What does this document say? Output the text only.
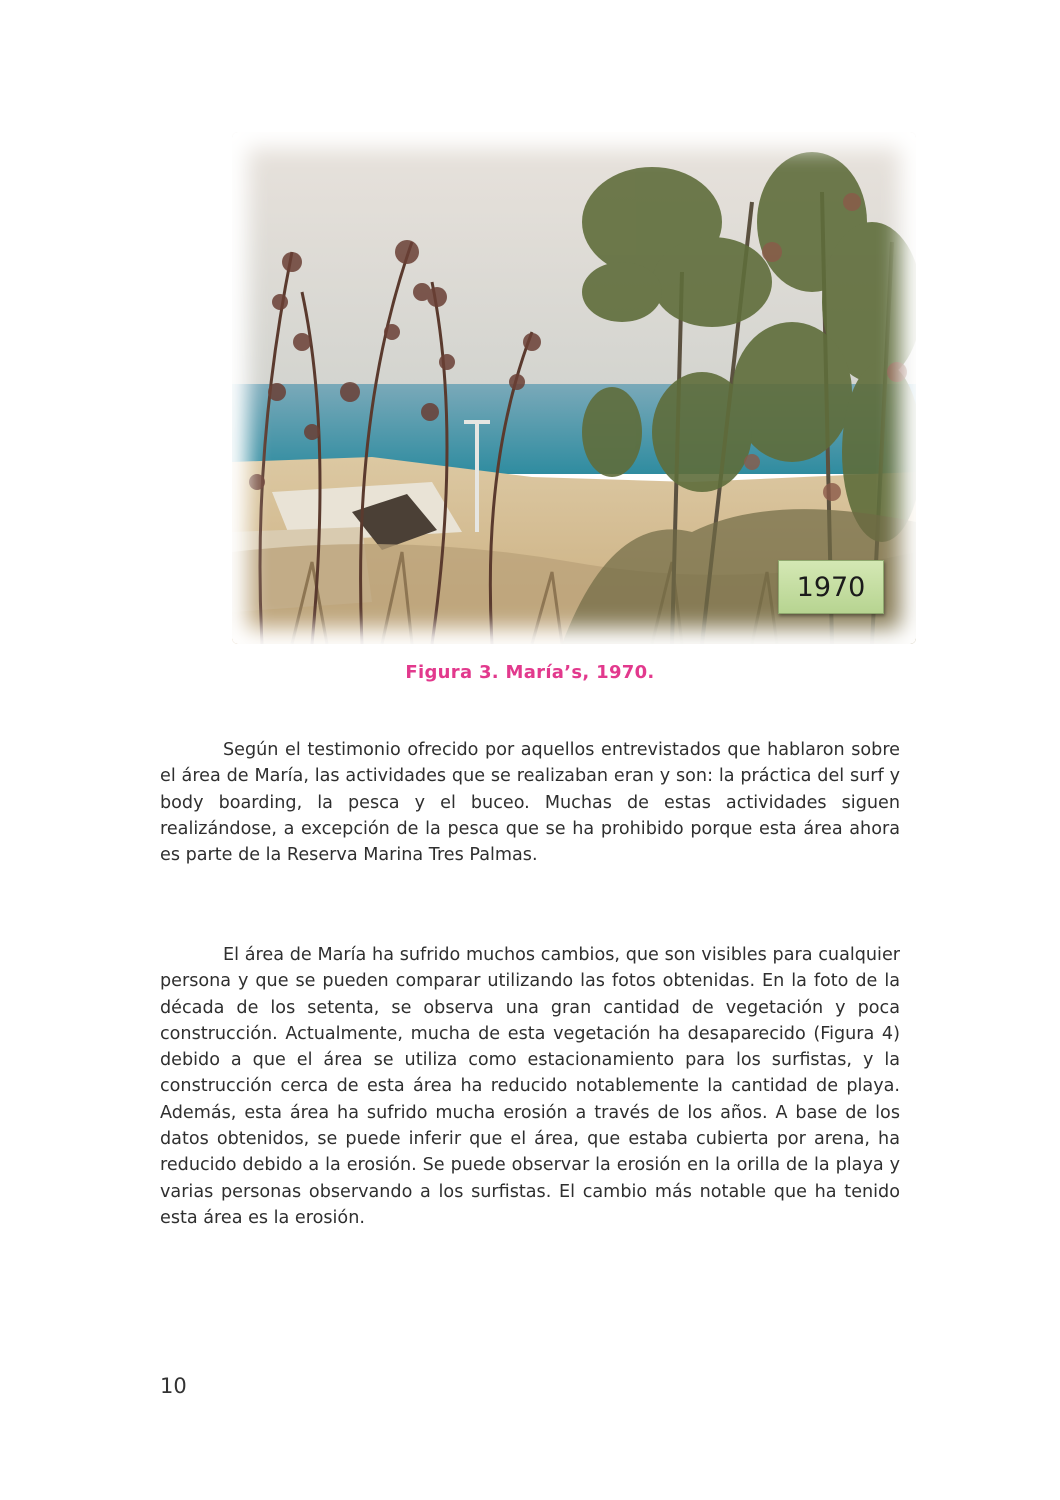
1970
Figura 3. María’s, 1970.

Según el testimonio ofrecido por aquellos entrevistados que hablaron sobre el área de María, las actividades que se realizaban eran y son: la práctica del surf y body boarding, la pesca y el buceo. Muchas de estas actividades siguen realizándose, a excepción de la pesca que se ha prohibido porque esta área ahora es parte de la Reserva Marina Tres Palmas.

El área de María ha sufrido muchos cambios, que son visibles para cualquier persona y que se pueden comparar utilizando las fotos obtenidas. En la foto de la década de los setenta, se observa una gran cantidad de vegetación y poca construcción. Actualmente, mucha de esta vegetación ha desaparecido (Figura 4) debido a que el área se utiliza como estacionamiento para los surfistas, y la construcción cerca de esta área ha reducido notablemente la cantidad de playa. Además, esta área ha sufrido mucha erosión a través de los años. A base de los datos obtenidos, se puede inferir que el área, que estaba cubierta por arena, ha reducido debido a la erosión. Se puede observar la erosión en la orilla de la playa y varias personas observando a los surfistas. El cambio más notable que ha tenido esta área es la erosión.

10
